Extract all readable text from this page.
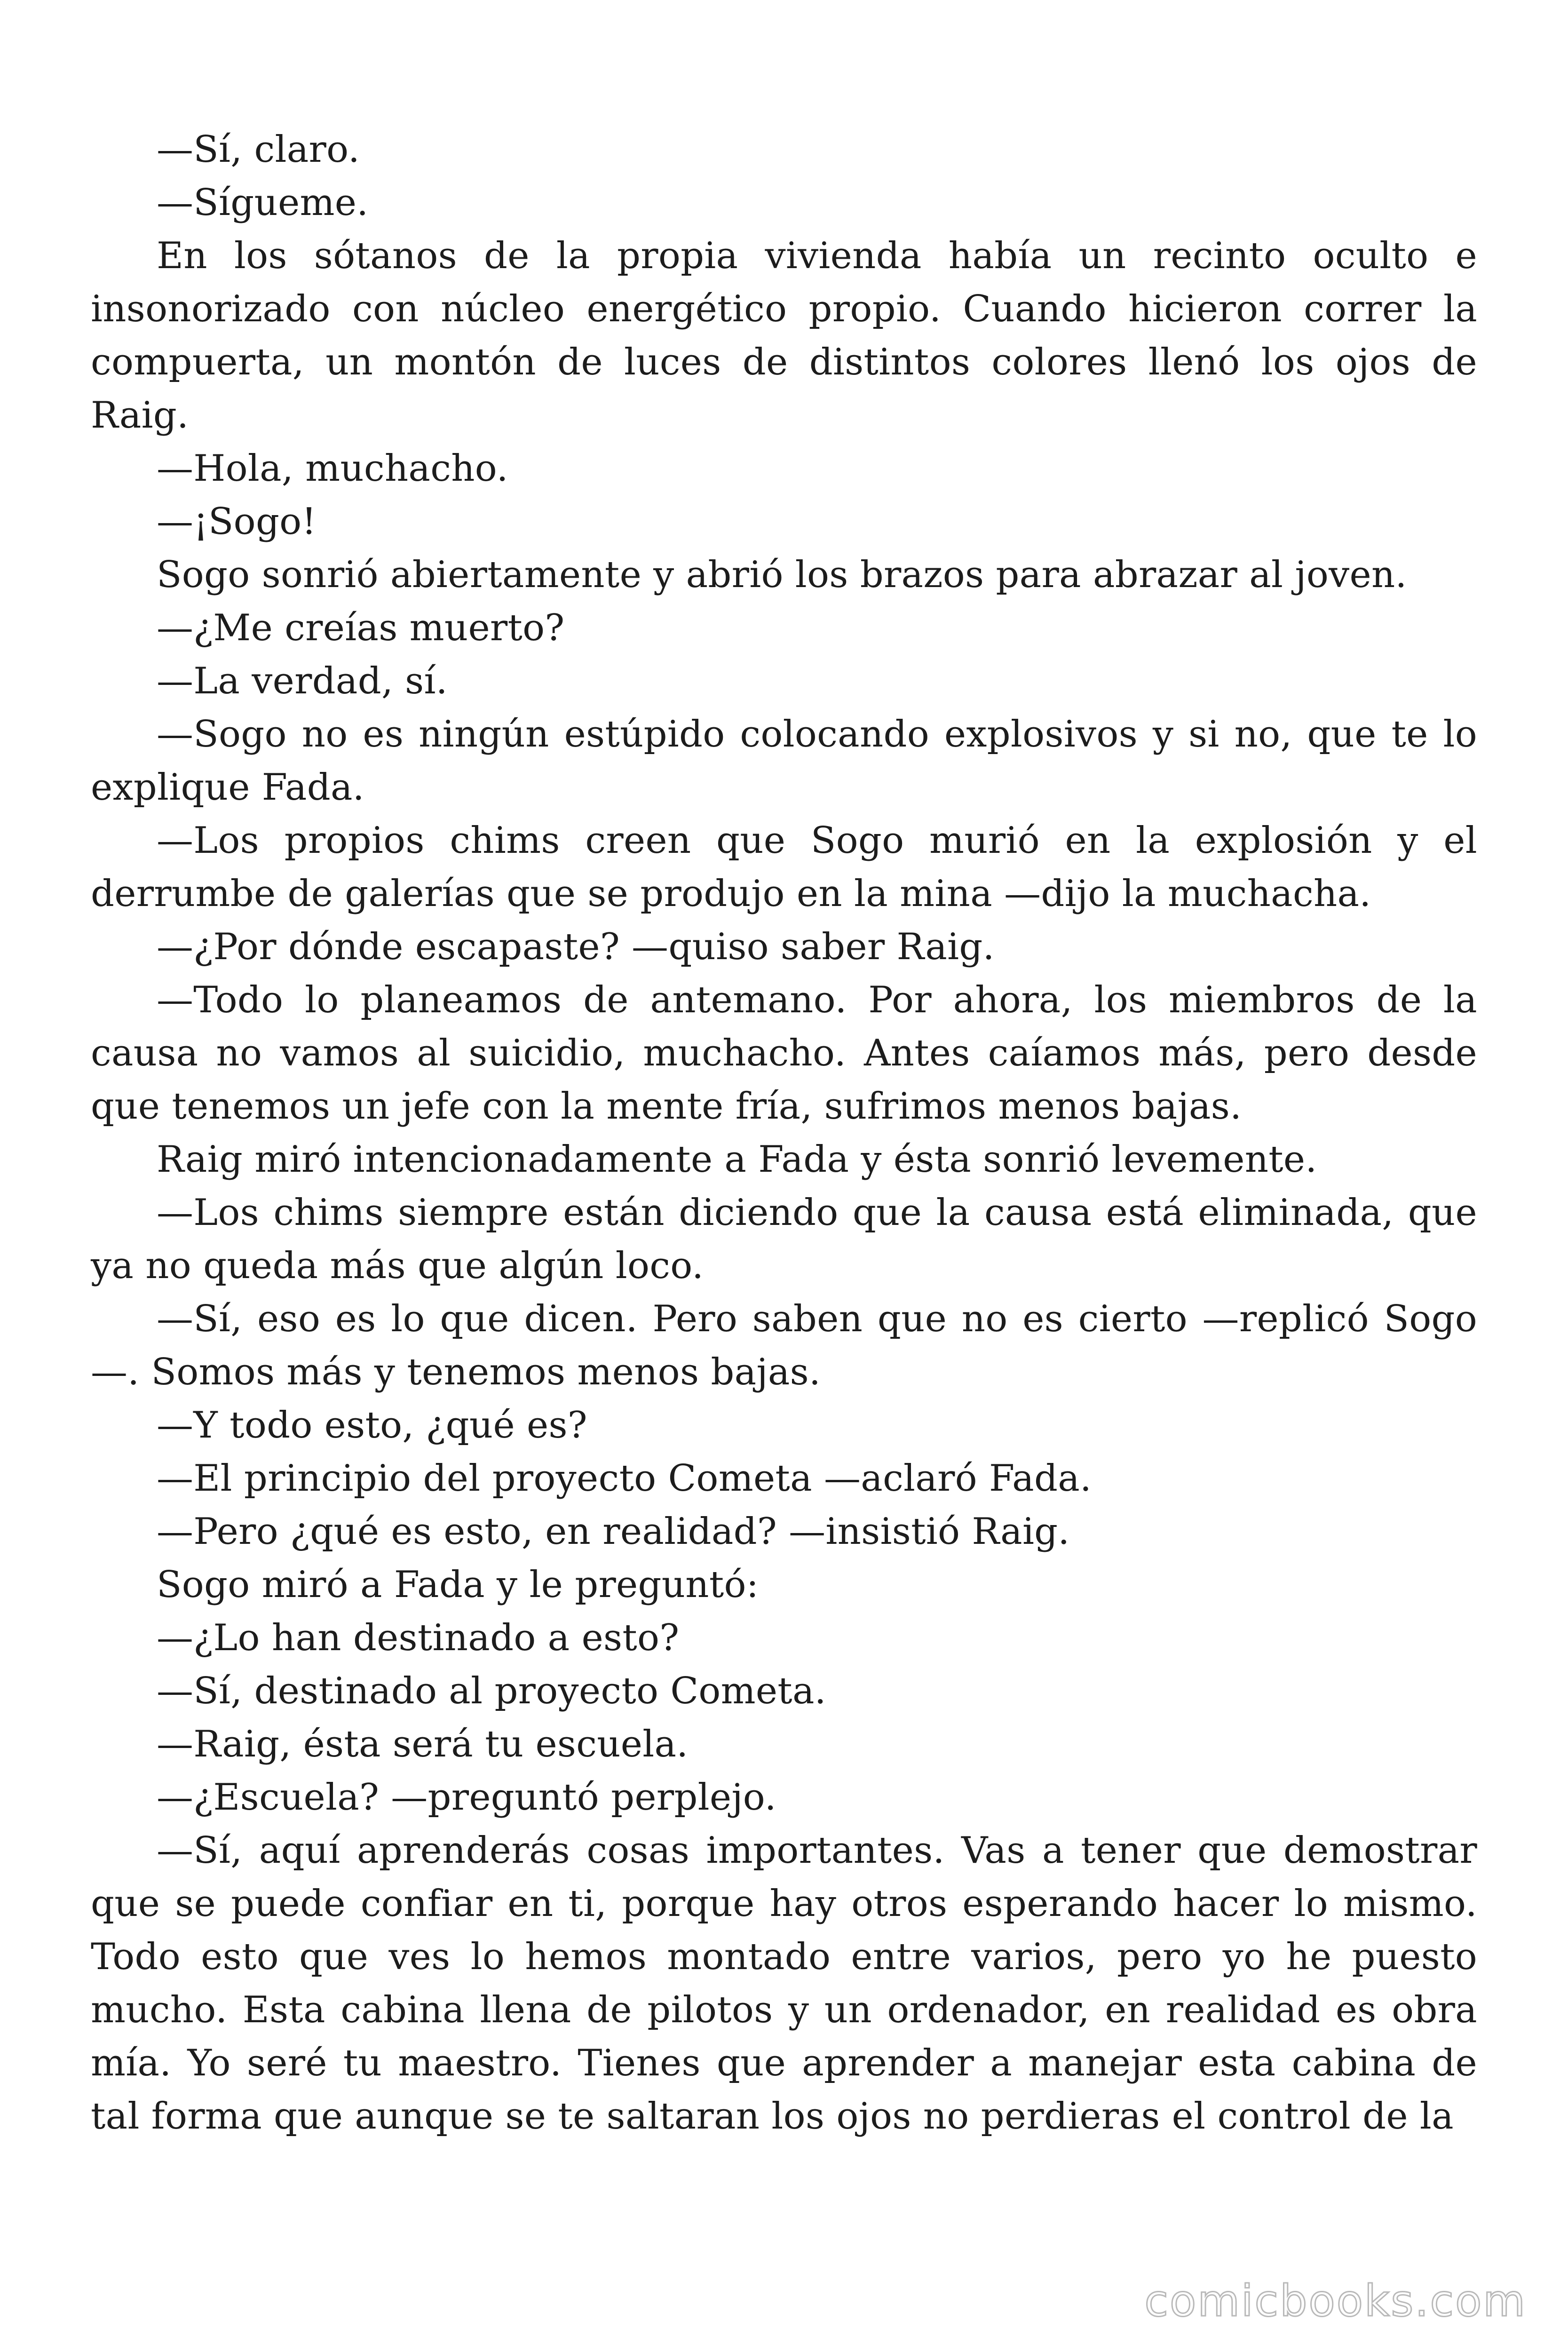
—Sí, claro.

—Sígueme.

En los sótanos de la propia vivienda había un recinto oculto e insonorizado con núcleo energético propio. Cuando hicieron correr la compuerta, un montón de luces de distintos colores llenó los ojos de Raig.

—Hola, muchacho.

—¡Sogo!

Sogo sonrió abiertamente y abrió los brazos para abrazar al joven.

—¿Me creías muerto?

—La verdad, sí.

—Sogo no es ningún estúpido colocando explosivos y si no, que te lo explique Fada.

—Los propios chims creen que Sogo murió en la explosión y el derrumbe de galerías que se produjo en la mina —dijo la muchacha.

—¿Por dónde escapaste? —quiso saber Raig.

—Todo lo planeamos de antemano. Por ahora, los miembros de la causa no vamos al suicidio, muchacho. Antes caíamos más, pero desde que tenemos un jefe con la mente fría, sufrimos menos bajas.

Raig miró intencionadamente a Fada y ésta sonrió levemente.

—Los chims siempre están diciendo que la causa está eliminada, que ya no queda más que algún loco.

—Sí, eso es lo que dicen. Pero saben que no es cierto —replicó Sogo —. Somos más y tenemos menos bajas.

—Y todo esto, ¿qué es?

—El principio del proyecto Cometa —aclaró Fada.

—Pero ¿qué es esto, en realidad? —insistió Raig.

Sogo miró a Fada y le preguntó:

—¿Lo han destinado a esto?

—Sí, destinado al proyecto Cometa.

—Raig, ésta será tu escuela.

—¿Escuela? —preguntó perplejo.

—Sí, aquí aprenderás cosas importantes. Vas a tener que demostrar que se puede confiar en ti, porque hay otros esperando hacer lo mismo. Todo esto que ves lo hemos montado entre varios, pero yo he puesto mucho. Esta cabina llena de pilotos y un ordenador, en realidad es obra mía. Yo seré tu maestro. Tienes que aprender a manejar esta cabina de tal forma que aunque se te saltaran los ojos no perdieras el control de la

comicbooks.com
